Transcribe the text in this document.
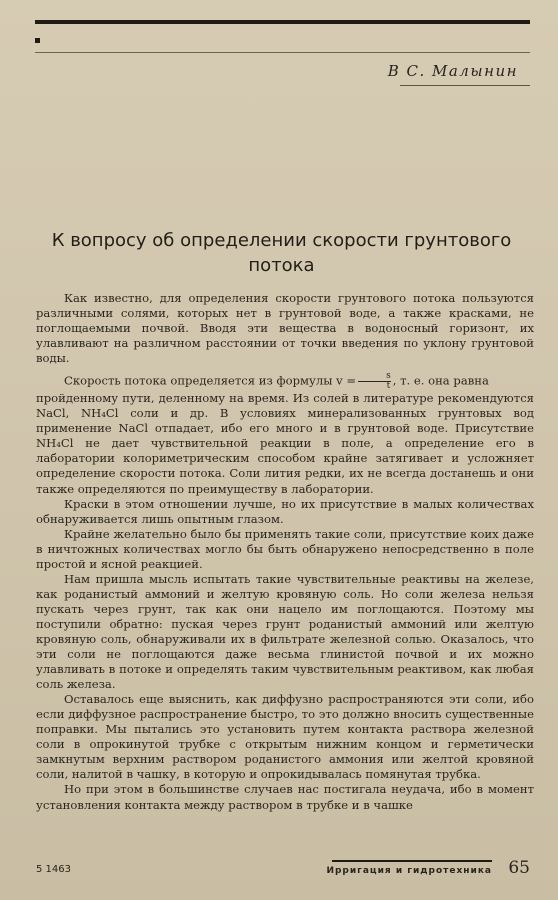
В С. Малынин
К вопросу об определении скорости грунтового потока

Как известно, для определения скорости грунтового потока пользуются различными солями, которых нет в грунтовой воде, а также красками, не поглощаемыми почвой. Вводя эти вещества в водоносный горизонт, их улавливают на различном расстоянии от точки введения по уклону грунтовой воды.

Скорость потока определяется из формулы $v = \frac{s}{t}$ , т. е. она равна

пройденному пути, деленному на время. Из солей в литературе рекомендуются NaCl, NH₄Cl соли и др. В условиях минерализованных грунтовых вод применение NaCl отпадает, ибо его много и в грунтовой воде. Присутствие NH₄Cl не дает чувствительной реакции в поле, а определение его в лаборатории колориметрическим способом крайне затягивает и усложняет определение скорости потока. Соли лития редки, их не всегда достанешь и они также определяются по преимуществу в лаборатории.

Краски в этом отношении лучше, но их присутствие в малых количествах обнаруживается лишь опытным глазом.

Крайне желательно было бы применять такие соли, присутствие коих даже в ничтожных количествах могло бы быть обнаружено непосредственно в поле простой и ясной реакцией.

Нам пришла мысль испытать такие чувствительные реактивы на железе, как роданистый аммоний и желтую кровяную соль. Но соли железа нельзя пускать через грунт, так как они нацело им поглощаются. Поэтому мы поступили обратно: пуская через грунт роданистый аммоний или желтую кровяную соль, обнаруживали их в фильтрате железной солью. Оказалось, что эти соли не поглощаются даже весьма глинистой почвой и их можно улавливать в потоке и определять таким чувствительным реактивом, как любая соль железа.

Оставалось еще выяснить, как диффузно распространяются эти соли, ибо если диффузное распространение быстро, то это должно вносить существенные поправки. Мы пытались это установить путем контакта раствора железной соли в опрокинутой трубке с открытым нижним концом и герметически замкнутым верхним раствором роданистого аммония или желтой кровяной соли, налитой в чашку, в которую и опрокидывалась помянутая трубка.

Но при этом в большинстве случаев нас постигала неудача, ибо в момент установления контакта между раствором в трубке и в чашке

5 1463	Ирригация и гидротехника 65
